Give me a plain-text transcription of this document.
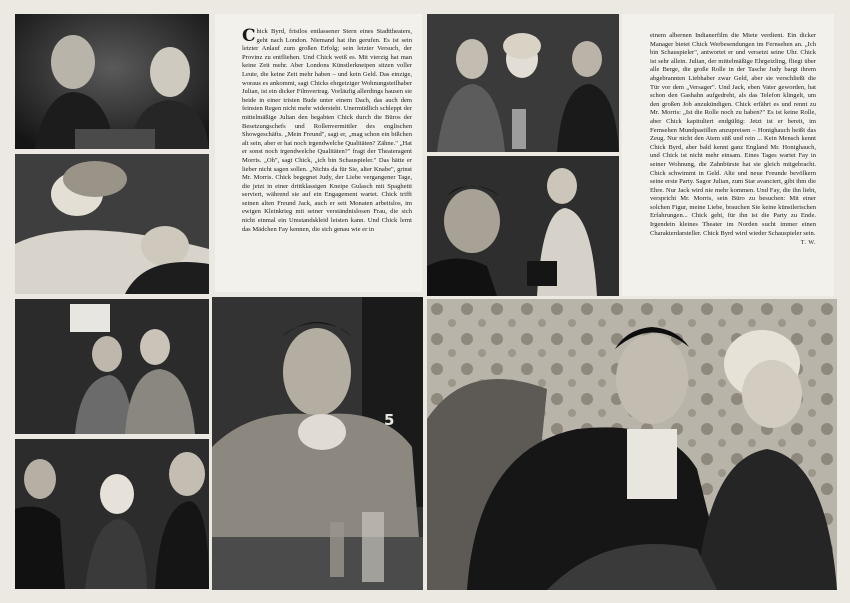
Chick Byrd, fristlos entlassener Stern eines Stadttheaters, geht nach London. Niemand hat ihn gerufen. Es ist sein letzter Anlauf zum großen Erfolg; sein letzter Versuch, der Provinz zu entfliehen. Und Chick weiß es. Mit vierzig hat man keine Zeit mehr. Aber Londons Künstlerkneipen sitzen voller Leute, die keine Zeit mehr haben – und kein Geld. Das einzige, woraus es ankommt, sagt Chicks ehrgeiziger Wohnungsteilhaber Julian, ist ein dicker Filmvertrag. Vorläufig allerdings hausen sie beide in einer tristen Bude unter einem Dach, das auch dem feinsten Regen nicht mehr widersteht. Unermüdlich schleppt der mittelmäßige Julian den begabten Chick durch die Büros der Besetzungschefs und Rollenvermittler des englischen Showgeschäfts. „Mein Freund", sagt er, „mag schon ein bißchen alt sein, aber er hat noch irgendwelche Qualitäten? Zähne." „Hat er sonst noch irgendwelche Qualitäten?" fragt der Theateragent Morris. „Oh", sagt Chick, „ich bin Schauspieler." Das hätte er lieber nicht sagen sollen. „Nichts da für Sie, alter Knabe", grinst Mr. Morris. Chick begegnet Judy, der Liebe vergangener Tage, die jetzt in einer drittklassigen Kneipe Gulasch mit Spaghetti serviert, während sie auf ein Engagement wartet. Chick trifft seinen alten Freund Jack, auch er seit Monaten arbeitslos, im ewigen Kleinkrieg mit seiner verständnislosen Frau, die sich nicht einmal ein Umstandskleid leisten kann. Und Chick lernt das Mädchen Fay kennen, die sich genau wie er in

5

einem albernen Indianerfilm die Miete verdient. Ein dicker Manager bietet Chick Werbesendungen im Fernsehen an. „Ich bin Schauspieler", antwortet er und versetzt seine Uhr. Chick ist sehr allein. Julian, der mittelmäßige Ehrgeizling, fliegt über alle Berge, die große Rolle in der Tasche Judy bargt ihrem abgebrannten Liebhaber zwar Geld, aber sie verschließt die Tür vor dem „Versager". Und Jack, eben Vater geworden, hat schon den Gashahn aufgedreht, als das Telefon klingelt, um den großen Job anzukündigen. Chick erfährt es und rennt zu Mr. Morris: „Ist die Rolle noch zu haben?" Es ist keine Rolle, aber Chick kapituliert endgültig: Jetzt ist er bereit, im Fernsehen Mundpastillen anzupreisen – Honighauch heißt das Zeug. Nur nicht den Atem süß und rein ... Kein Mensch kennt Chick Byrd, aber bald kennt ganz England Mr. Honighauch, und Chick ist nicht mehr einsam. Eines Tages wartet Fay in seiner Wohnung, die Zahnbürste hat sie gleich mitgebracht. Chick schwimmt in Geld. Alte und neue Freunde bevölkern seine erste Party. Sagor Julian, zum Star avanciert, gibt ihm die Ehre. Nur Jack wird nie mehr kommen. Und Fay, die ihn liebt, verspricht Mr. Morris, sein Büro zu besuchen: Mit einer solchen Figur, meine Liebe, brauchen Sie keine künstlerischen Erfahrungen... Chick geht, für ihn ist die Party zu Ende. Irgendein kleines Theater im Norden sucht immer einen Charakterdarsteller. Chick Byrd wird wieder Schauspieler sein.

T. W.
